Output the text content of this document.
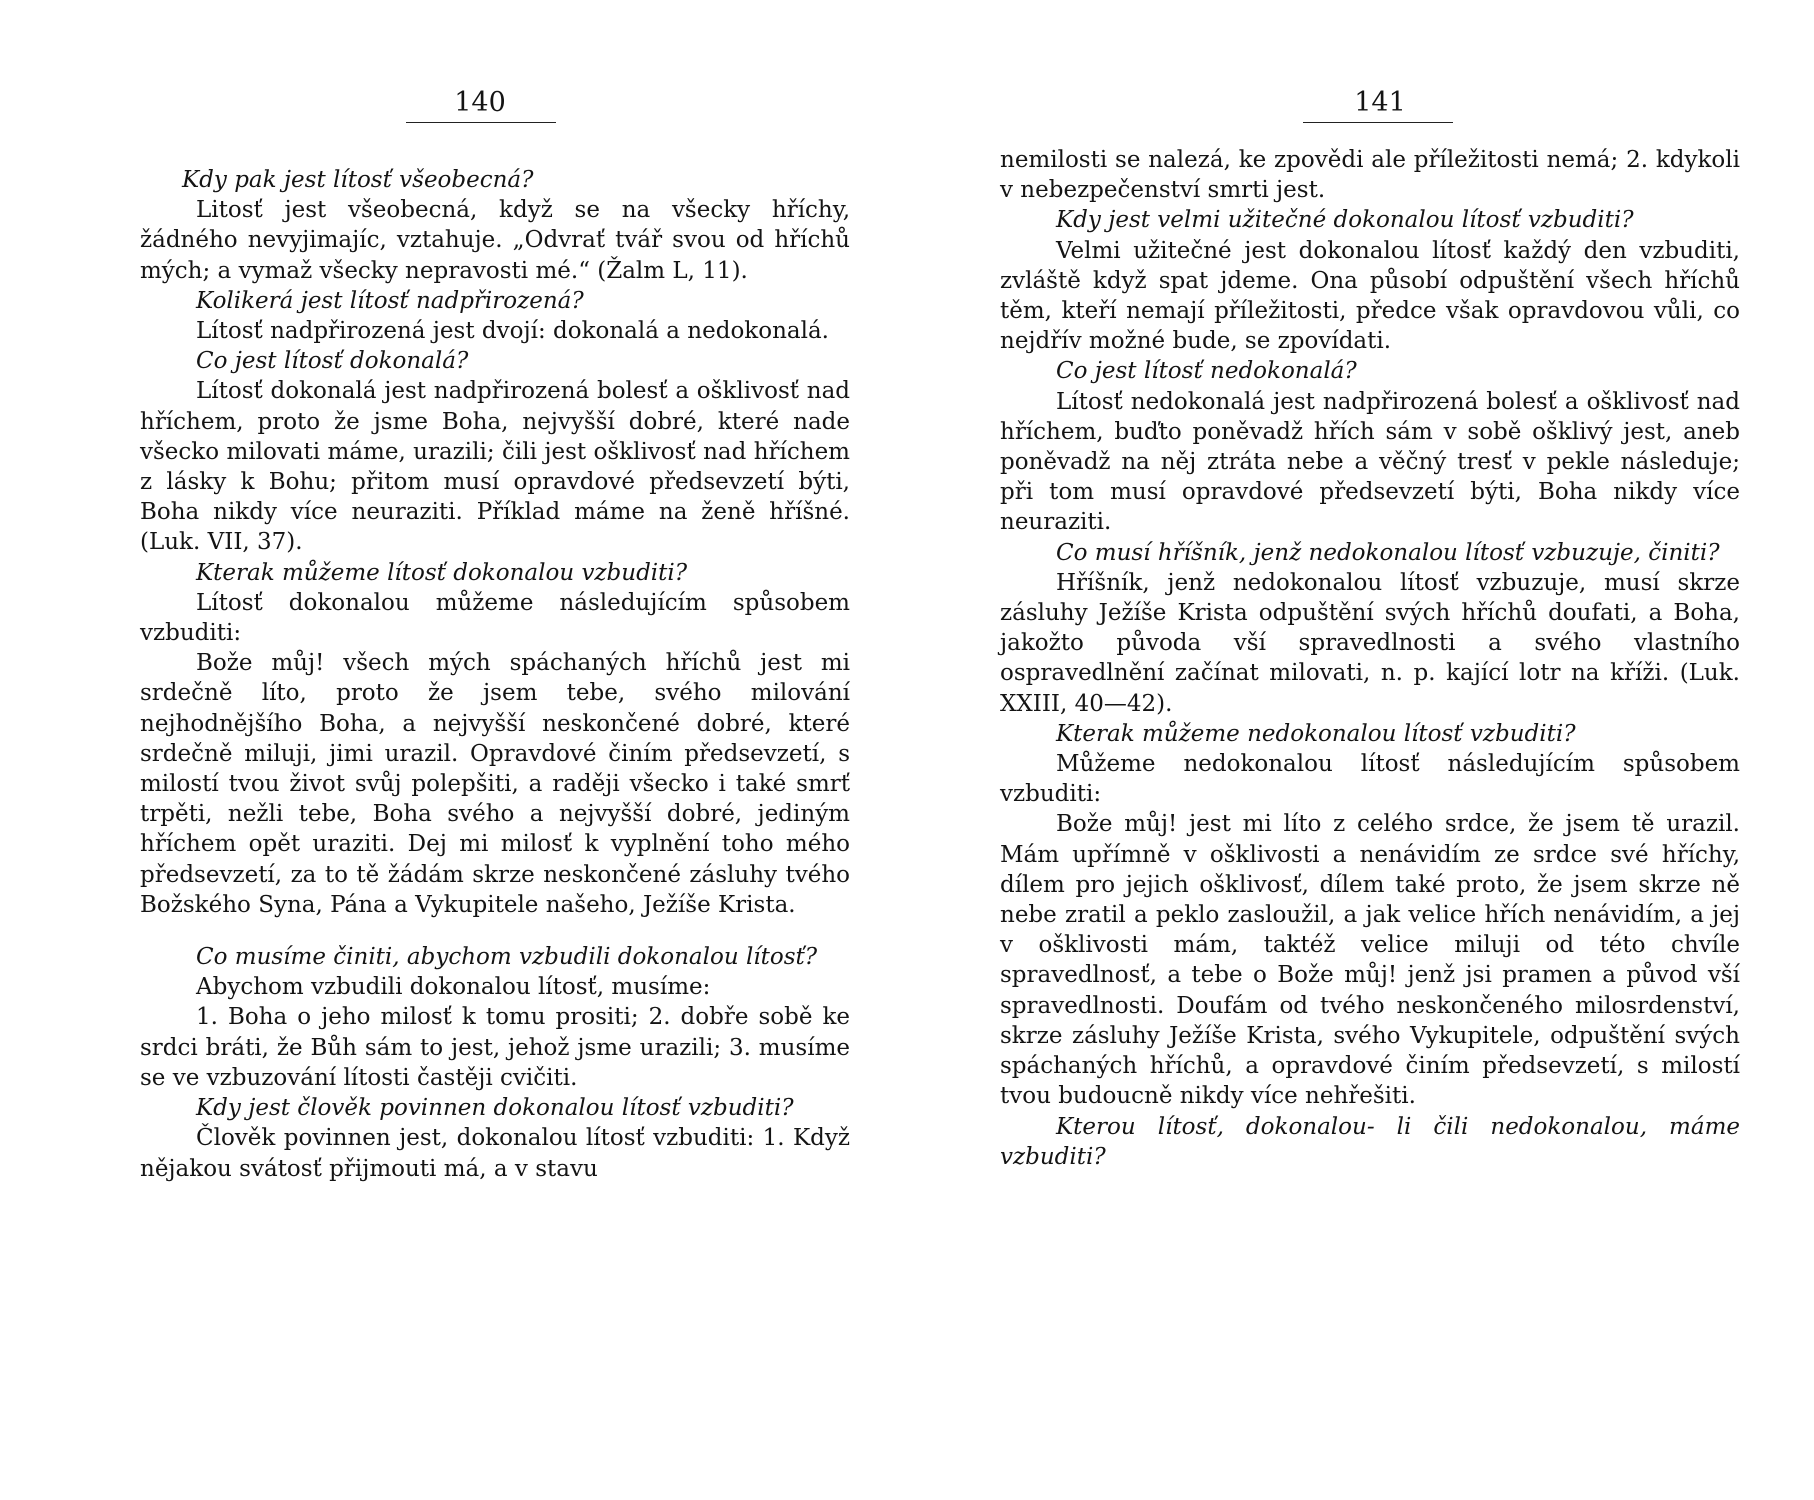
140

Kdy pak jest lítosť všeobecná?

Litosť jest všeobecná, když se na všecky hříchy, žádného nevyjimajíc, vztahuje. „Odvrať tvář svou od hříchů mých; a vymaž všecky nepravosti mé.“ (Žalm L, 11).

Kolikerá jest lítosť nadpřirozená?

Lítosť nadpřirozená jest dvojí: dokonalá a nedokonalá.

Co jest lítosť dokonalá?

Lítosť dokonalá jest nadpřirozená bolesť a ošklivosť nad hříchem, proto že jsme Boha, nejvyšší dobré, které nade všecko milovati máme, urazili; čili jest ošklivosť nad hříchem z lásky k Bohu; přitom musí opravdové předsevzetí býti, Boha nikdy více neuraziti. Příklad máme na ženě hříšné. (Luk. VII, 37).

Kterak můžeme lítosť dokonalou vzbuditi?

Lítosť dokonalou můžeme následujícím spůsobem vzbuditi:

Bože můj! všech mých spáchaných hříchů jest mi srdečně líto, proto že jsem tebe, svého milování nejhodnějšího Boha, a nejvyšší neskončené dobré, které srdečně miluji, jimi urazil. Opravdové činím předsevzetí, s milostí tvou život svůj polepšiti, a raději všecko i také smrť trpěti, nežli tebe, Boha svého a nejvyšší dobré, jediným hříchem opět uraziti. Dej mi milosť k vyplnění toho mého předsevzetí, za to tě žádám skrze neskončené zásluhy tvého Božského Syna, Pána a Vykupitele našeho, Ježíše Krista.

Co musíme činiti, abychom vzbudili dokonalou lítosť?

Abychom vzbudili dokonalou lítosť, musíme:

1. Boha o jeho milosť k tomu prositi; 2. dobře sobě ke srdci bráti, že Bůh sám to jest, jehož jsme urazili; 3. musíme se ve vzbuzování lítosti častěji cvičiti.

Kdy jest člověk povinnen dokonalou lítosť vzbuditi?

Člověk povinnen jest, dokonalou lítosť vzbuditi: 1. Když nějakou svátosť přijmouti má, a v stavu

141

nemilosti se nalezá, ke zpovědi ale příležitosti nemá; 2. kdykoli v nebezpečenství smrti jest.

Kdy jest velmi užitečné dokonalou lítosť vzbuditi?

Velmi užitečné jest dokonalou lítosť každý den vzbuditi, zvláště když spat jdeme. Ona působí odpuštění všech hříchů těm, kteří nemají příležitosti, předce však opravdovou vůli, co nejdřív možné bude, se zpovídati.

Co jest lítosť nedokonalá?

Lítosť nedokonalá jest nadpřirozená bolesť a ošklivosť nad hříchem, buďto poněvadž hřích sám v sobě ošklivý jest, aneb poněvadž na něj ztráta nebe a věčný tresť v pekle následuje; při tom musí opravdové předsevzetí býti, Boha nikdy více neuraziti.

Co musí hříšník, jenž nedokonalou lítosť vzbuzuje, činiti?

Hříšník, jenž nedokonalou lítosť vzbuzuje, musí skrze zásluhy Ježíše Krista odpuštění svých hříchů doufati, a Boha, jakožto původa vší spravedlnosti a svého vlastního ospravedlnění začínat milovati, n. p. kající lotr na kříži. (Luk. XXIII, 40—42).

Kterak můžeme nedokonalou lítosť vzbuditi?

Můžeme nedokonalou lítosť následujícím spůsobem vzbuditi:

Bože můj! jest mi líto z celého srdce, že jsem tě urazil. Mám upřímně v ošklivosti a nenávidím ze srdce své hříchy, dílem pro jejich ošklivosť, dílem také proto, že jsem skrze ně nebe zratil a peklo zasloužil, a jak velice hřích nenávidím, a jej v ošklivosti mám, taktéž velice miluji od této chvíle spravedlnosť, a tebe o Bože můj! jenž jsi pramen a původ vší spravedlnosti. Doufám od tvého neskončeného milosrdenství, skrze zásluhy Ježíše Krista, svého Vykupitele, odpuštění svých spáchaných hříchů, a opravdové činím předsevzetí, s milostí tvou budoucně nikdy více nehřešiti.

Kterou lítosť, dokonalou- li čili nedokonalou, máme vzbuditi?
